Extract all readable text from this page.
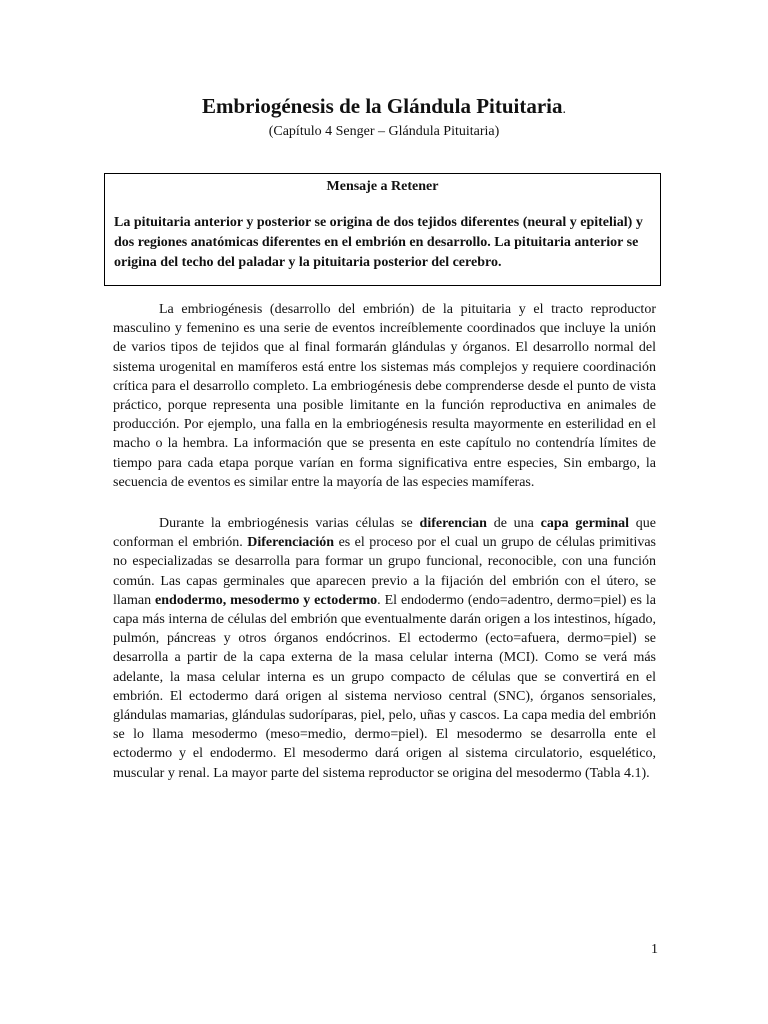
Embriogénesis de la Glándula Pituitaria.
(Capítulo 4 Senger – Glándula Pituitaria)

Mensaje a Retener

La pituitaria anterior y posterior se origina de dos tejidos diferentes (neural y epitelial) y dos regiones anatómicas diferentes en el embrión en desarrollo. La pituitaria anterior se origina del techo del paladar y la pituitaria posterior del cerebro.

La embriogénesis (desarrollo del embrión) de la pituitaria y el tracto reproductor masculino y femenino es una serie de eventos increíblemente coordinados que incluye la unión de varios tipos de tejidos que al final formarán glándulas y órganos. El desarrollo normal del sistema urogenital en mamíferos está entre los sistemas más complejos y requiere coordinación crítica para el desarrollo completo. La embriogénesis debe comprenderse desde el punto de vista práctico, porque representa una posible limitante en la función reproductiva en animales de producción. Por ejemplo, una falla en la embriogénesis resulta mayormente en esterilidad en el macho o la hembra. La información que se presenta en este capítulo no contendría límites de tiempo para cada etapa porque varían en forma significativa entre especies, Sin embargo, la secuencia de eventos es similar entre la mayoría de las especies mamíferas.

Durante la embriogénesis varias células se diferencian de una capa germinal que conforman el embrión. Diferenciación es el proceso por el cual un grupo de células primitivas no especializadas se desarrolla para formar un grupo funcional, reconocible, con una función común. Las capas germinales que aparecen previo a la fijación del embrión con el útero, se llaman endodermo, mesodermo y ectodermo. El endodermo (endo=adentro, dermo=piel) es la capa más interna de células del embrión que eventualmente darán origen a los intestinos, hígado, pulmón, páncreas y otros órganos endócrinos. El ectodermo (ecto=afuera, dermo=piel) se desarrolla a partir de la capa externa de la masa celular interna (MCI). Como se verá más adelante, la masa celular interna es un grupo compacto de células que se convertirá en el embrión. El ectodermo dará origen al sistema nervioso central (SNC), órganos sensoriales, glándulas mamarias, glándulas sudoríparas, piel, pelo, uñas y cascos. La capa media del embrión se lo llama mesodermo (meso=medio, dermo=piel). El mesodermo se desarrolla ente el ectodermo y el endodermo. El mesodermo dará origen al sistema circulatorio, esquelético, muscular y renal. La mayor parte del sistema reproductor se origina del mesodermo (Tabla 4.1).

1
